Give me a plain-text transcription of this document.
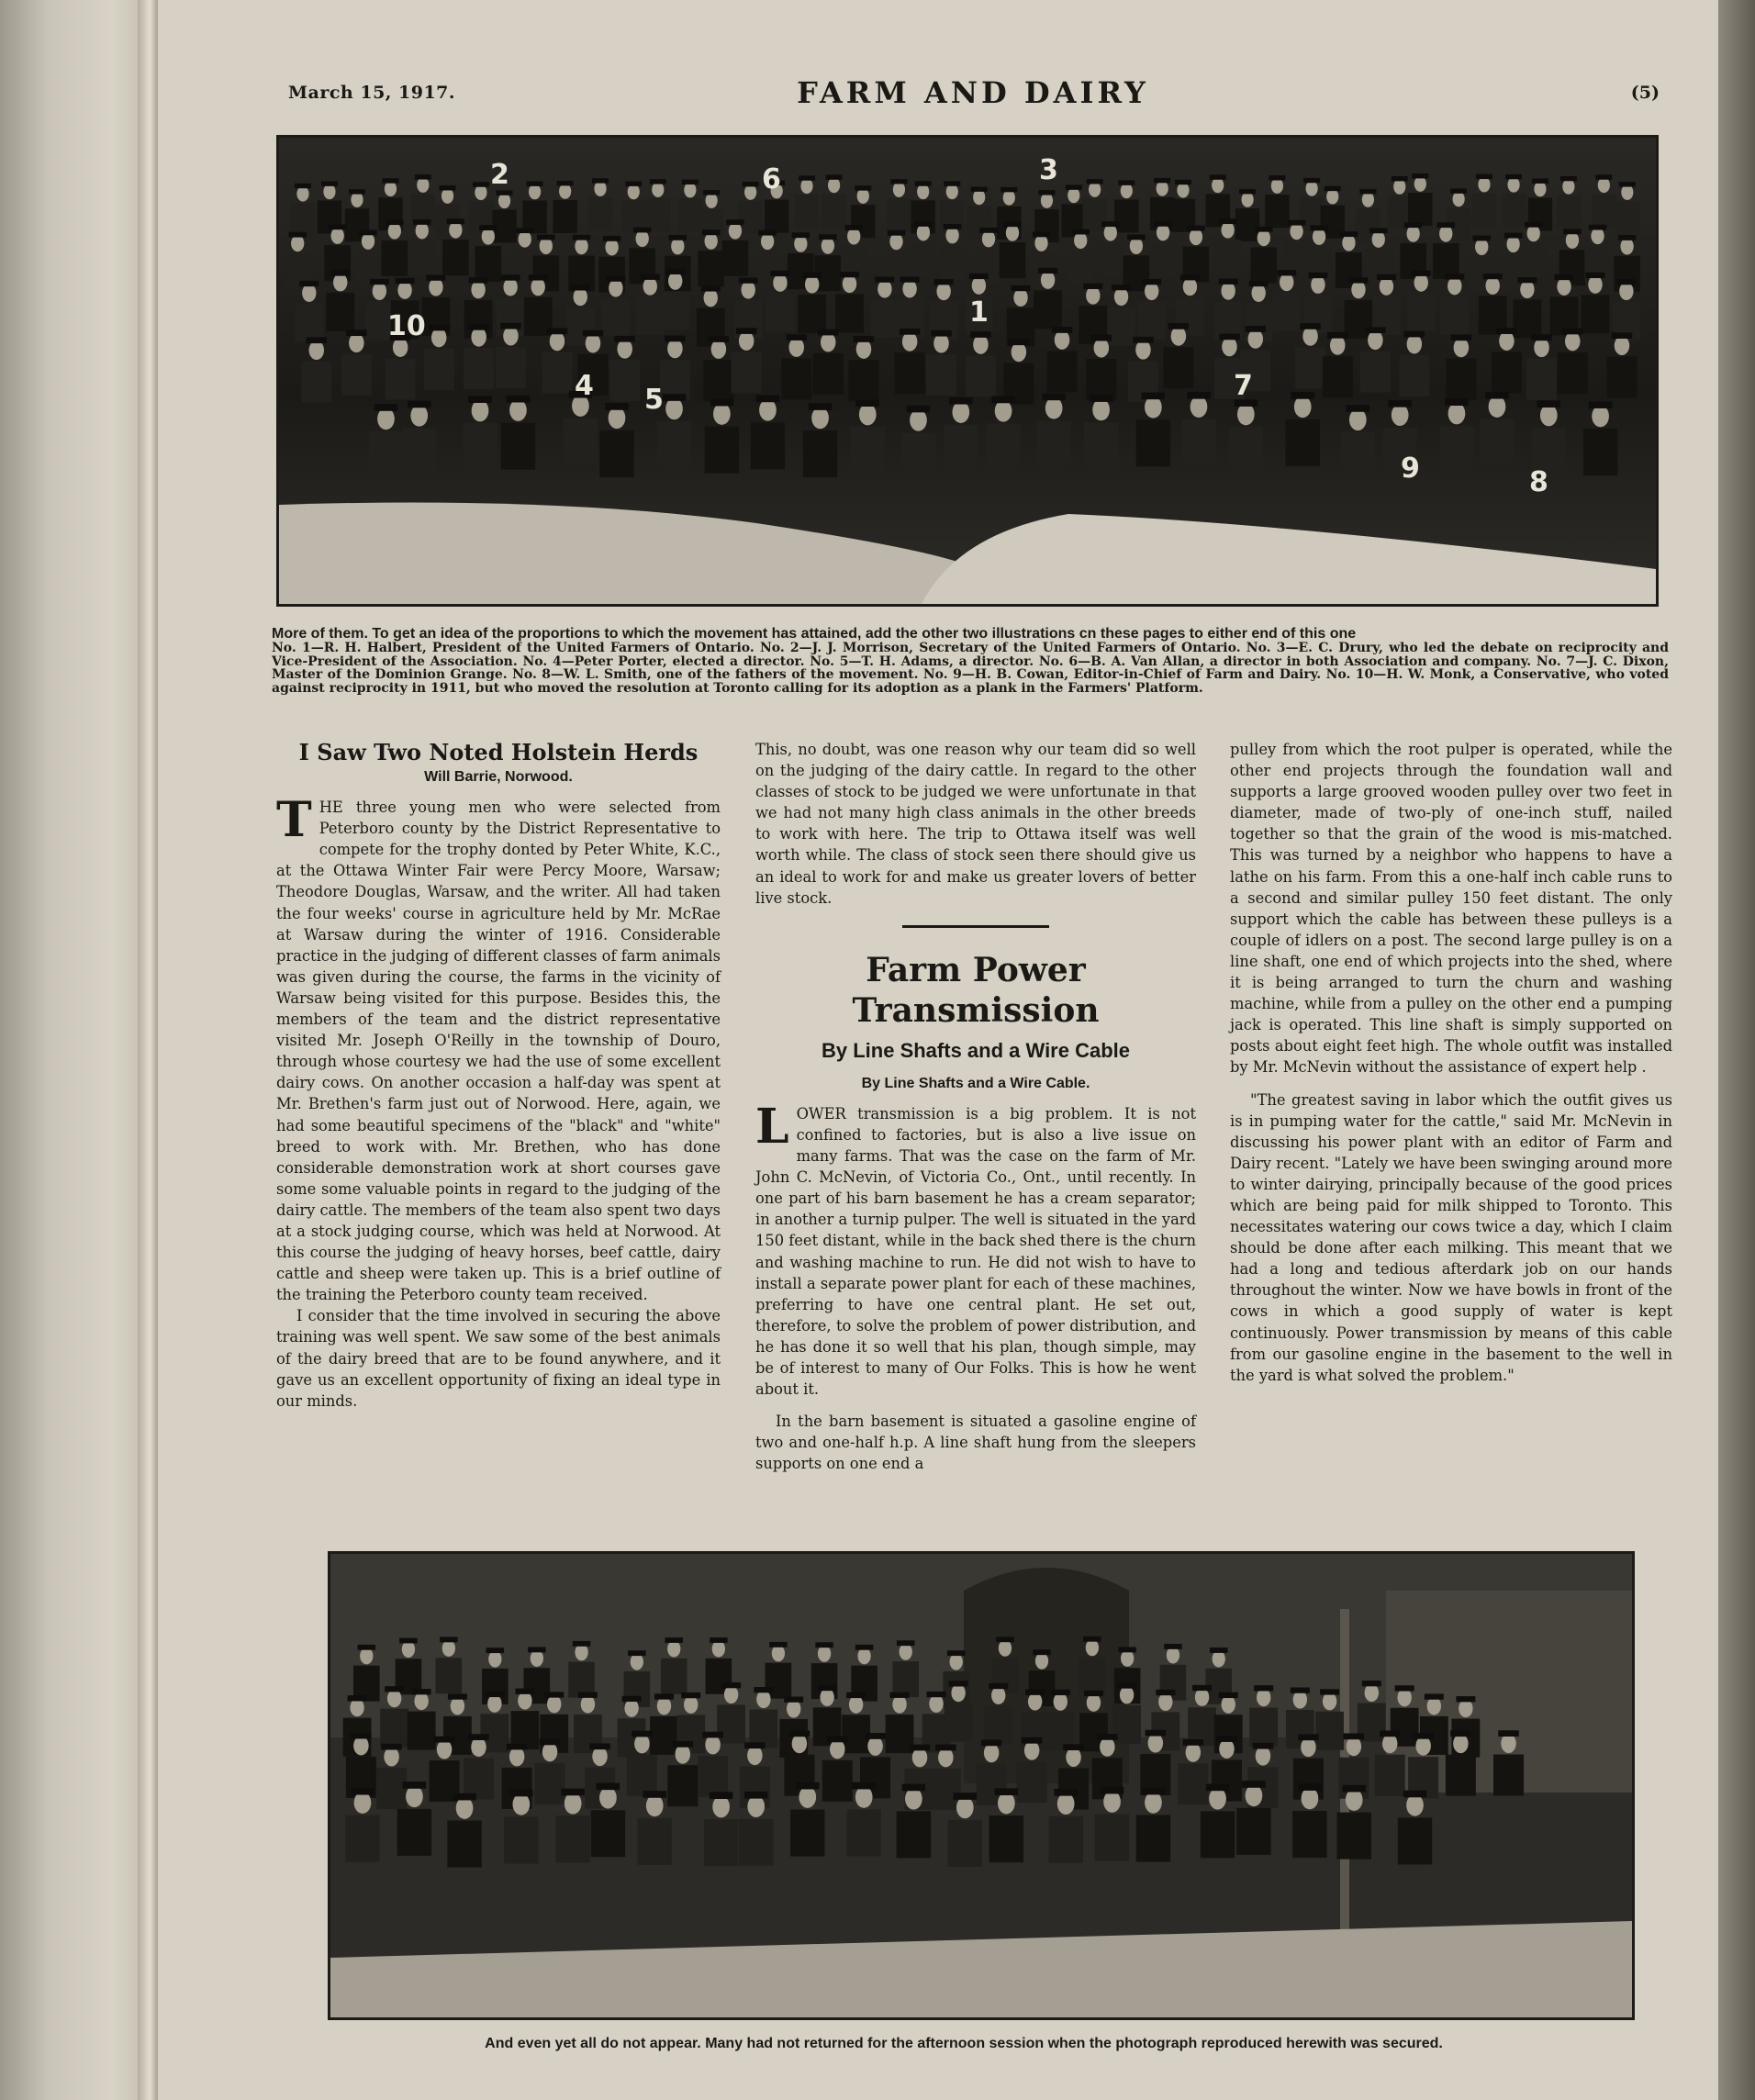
March 15, 1917.	FARM AND DAIRY	(5)
10
4 5
1
7
9	8
2	6	3
More of them. To get an idea of the proportions to which the movement has attained, add the other two illustrations cn these pages to either end of this one
No. 1—R. H. Halbert, President of the United Farmers of Ontario. No. 2—J. J. Morrison, Secretary of the United Farmers of Ontario. No. 3—E. C. Drury, who led the debate on reciprocity and Vice-President of the Association. No. 4—Peter Porter, elected a director. No. 5—T. H. Adams, a director. No. 6—B. A. Van Allan, a director in both Association and company. No. 7—J. C. Dixon, Master of the Dominion Grange. No. 8—W. L. Smith, one of the fathers of the movement. No. 9—H. B. Cowan, Editor-in-Chief of Farm and Dairy. No. 10—H. W. Monk, a Conservative, who voted against reciprocity in 1911, but who moved the resolution at Toronto calling for its adoption as a plank in the Farmers' Platform.
I Saw Two Noted Holstein Herds
Will Barrie, Norwood.

THE three young men who were selected from Peterboro county by the District Representative to compete for the trophy donted by Peter White, K.C., at the Ottawa Winter Fair were Percy Moore, Warsaw; Theodore Douglas, Warsaw, and the writer. All had taken the four weeks' course in agriculture held by Mr. McRae at Warsaw during the winter of 1916. Considerable practice in the judging of different classes of farm animals was given during the course, the farms in the vicinity of Warsaw being visited for this purpose. Besides this, the members of the team and the district representative visited Mr. Joseph O'Reilly in the township of Douro, through whose courtesy we had the use of some excellent dairy cows. On another occasion a half-day was spent at Mr. Brethen's farm just out of Norwood. Here, again, we had some beautiful specimens of the "black" and "white" breed to work with. Mr. Brethen, who has done considerable demonstration work at short courses gave some some valuable points in regard to the judging of the dairy cattle. The members of the team also spent two days at a stock judging course, which was held at Norwood. At this course the judging of heavy horses, beef cattle, dairy cattle and sheep were taken up. This is a brief outline of the training the Peterboro county team received.

I consider that the time involved in securing the above training was well spent. We saw some of the best animals of the dairy breed that are to be found anywhere, and it gave us an excellent opportunity of fixing an ideal type in our minds.

This, no doubt, was one reason why our team did so well on the judging of the dairy cattle. In regard to the other classes of stock to be judged we were unfortunate in that we had not many high class animals in the other breeds to work with here. The trip to Ottawa itself was well worth while. The class of stock seen there should give us an ideal to work for and make us greater lovers of better live stock.

Farm Power Transmission
By Line Shafts and a Wire Cable
By Line Shafts and a Wire Cable.

LOWER transmission is a big problem. It is not confined to factories, but is also a live issue on many farms. That was the case on the farm of Mr. John C. McNevin, of Victoria Co., Ont., until recently. In one part of his barn basement he has a cream separator; in another a turnip pulper. The well is situated in the yard 150 feet distant, while in the back shed there is the churn and washing machine to run. He did not wish to have to install a separate power plant for each of these machines, preferring to have one central plant. He set out, therefore, to solve the problem of power distribution, and he has done it so well that his plan, though simple, may be of interest to many of Our Folks. This is how he went about it.

In the barn basement is situated a gasoline engine of two and one-half h.p. A line shaft hung from the sleepers supports on one end a

pulley from which the root pulper is operated, while the other end projects through the foundation wall and supports a large grooved wooden pulley over two feet in diameter, made of two-ply of one-inch stuff, nailed together so that the grain of the wood is mis-matched. This was turned by a neighbor who happens to have a lathe on his farm. From this a one-half inch cable runs to a second and similar pulley 150 feet distant. The only support which the cable has between these pulleys is a couple of idlers on a post. The second large pulley is on a line shaft, one end of which projects into the shed, where it is being arranged to turn the churn and washing machine, while from a pulley on the other end a pumping jack is operated. This line shaft is simply supported on posts about eight feet high. The whole outfit was installed by Mr. McNevin without the assistance of expert help .

"The greatest saving in labor which the outfit gives us is in pumping water for the cattle," said Mr. McNevin in discussing his power plant with an editor of Farm and Dairy recent. "Lately we have been swinging around more to winter dairying, principally because of the good prices which are being paid for milk shipped to Toronto. This necessitates watering our cows twice a day, which I claim should be done after each milking. This meant that we had a long and tedious afterdark job on our hands throughout the winter. Now we have bowls in front of the cows in which a good supply of water is kept continuously. Power transmission by means of this cable from our gasoline engine in the basement to the well in the yard is what solved the problem."

And even yet all do not appear. Many had not returned for the afternoon session when the photograph reproduced herewith was secured.
